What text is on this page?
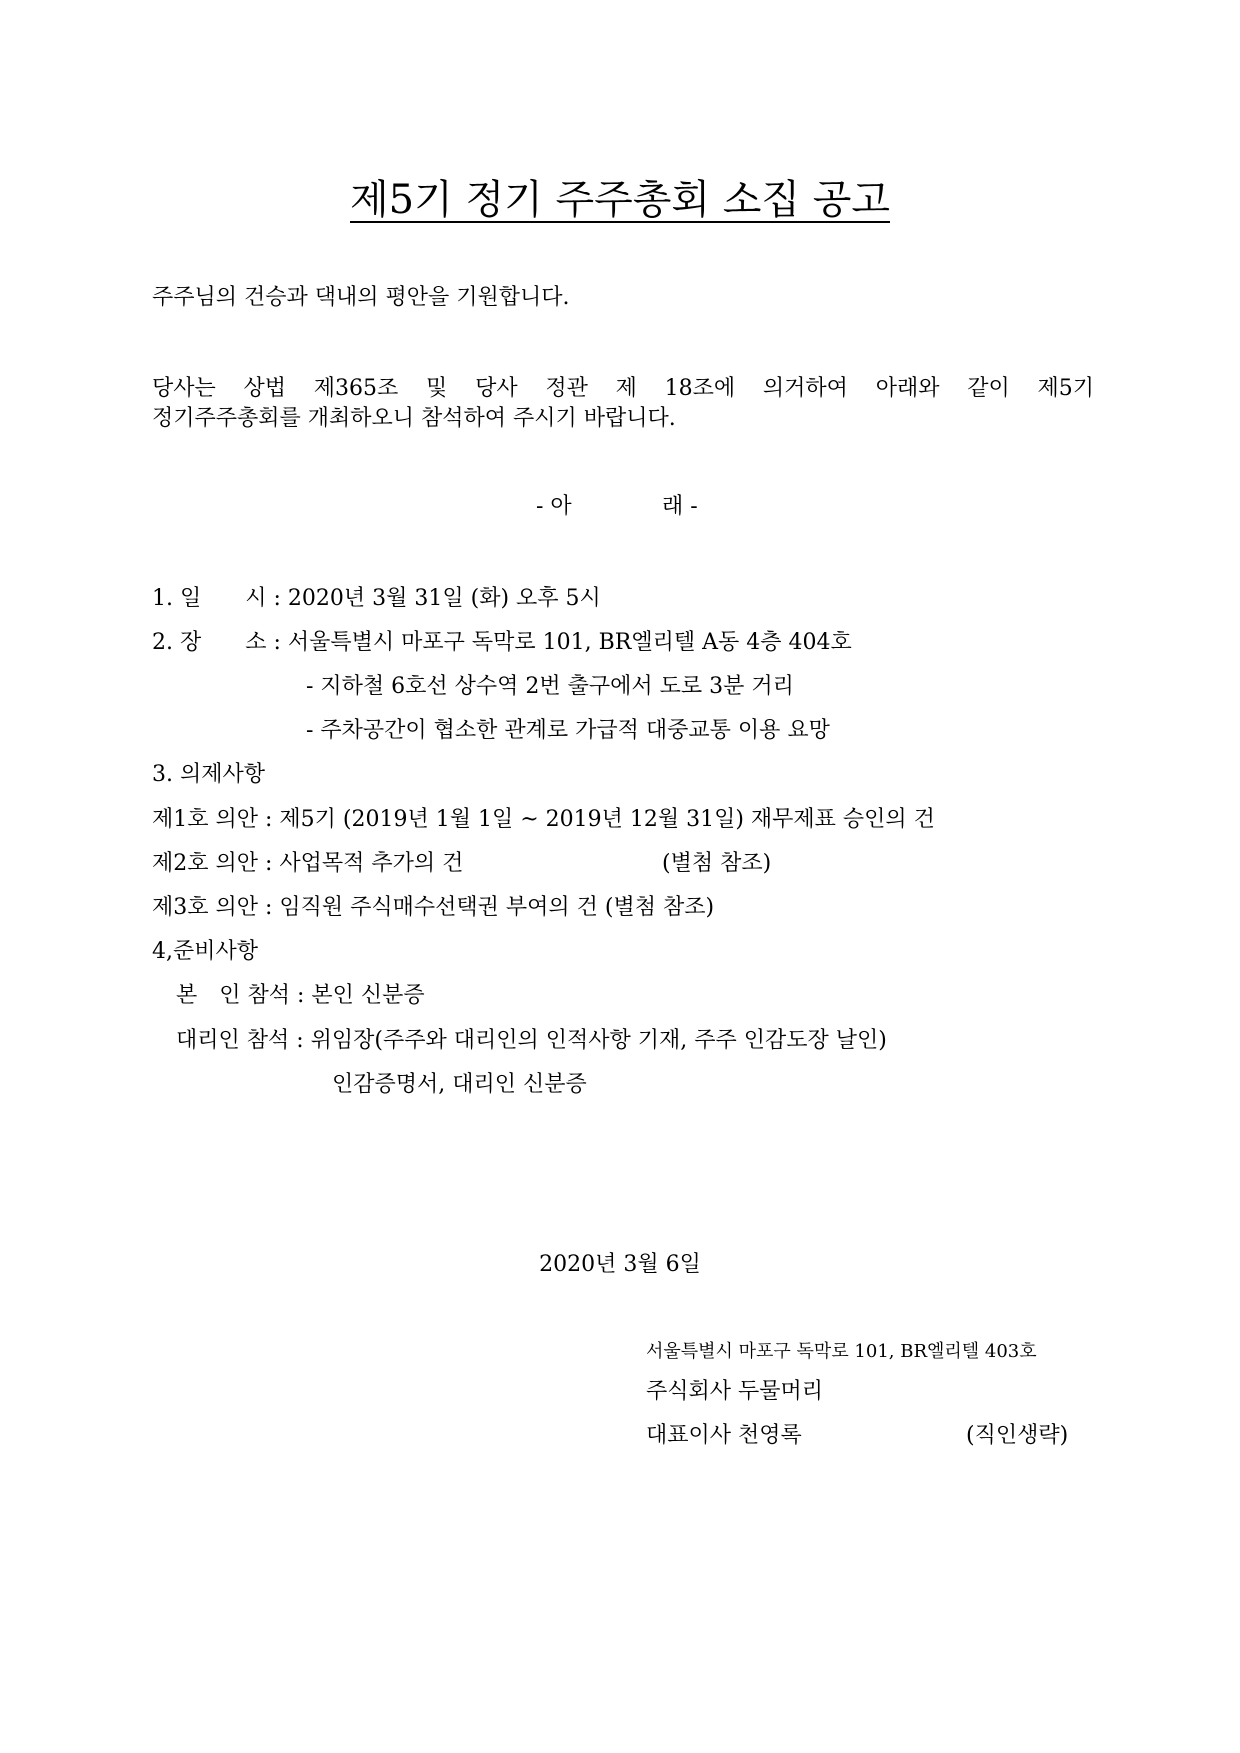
제5기 정기 주주총회 소집 공고
주주님의 건승과 댁내의 평안을 기원합니다.
당사는 상법 제365조 및 당사 정관 제 18조에 의거하여 아래와 같이 제5기
정기주주총회를 개최하오니 참석하여 주시기 바랍니다.
- 아	래 -
1. 일　　시 : 2020년 3월 31일 (화) 오후 5시
2. 장　　소 : 서울특별시 마포구 독막로 101, BR엘리텔 A동 4층 404호
- 지하철 6호선 상수역 2번 출구에서 도로 3분 거리
- 주차공간이 협소한 관계로 가급적 대중교통 이용 요망
3. 의제사항
제1호 의안 : 제5기 (2019년 1월 1일 ~ 2019년 12월 31일) 재무제표 승인의 건
제2호 의안 : 사업목적 추가의 건	(별첨 참조)
제3호 의안 : 임직원 주식매수선택권 부여의 건 (별첨 참조)
4,준비사항
본　인 참석 : 본인 신분증
대리인 참석 : 위임장(주주와 대리인의 인적사항 기재, 주주 인감도장 날인)
인감증명서, 대리인 신분증
2020년 3월 6일
서울특별시 마포구 독막로 101, BR엘리텔 403호
주식회사 두물머리
대표이사 천영록	(직인생략)
